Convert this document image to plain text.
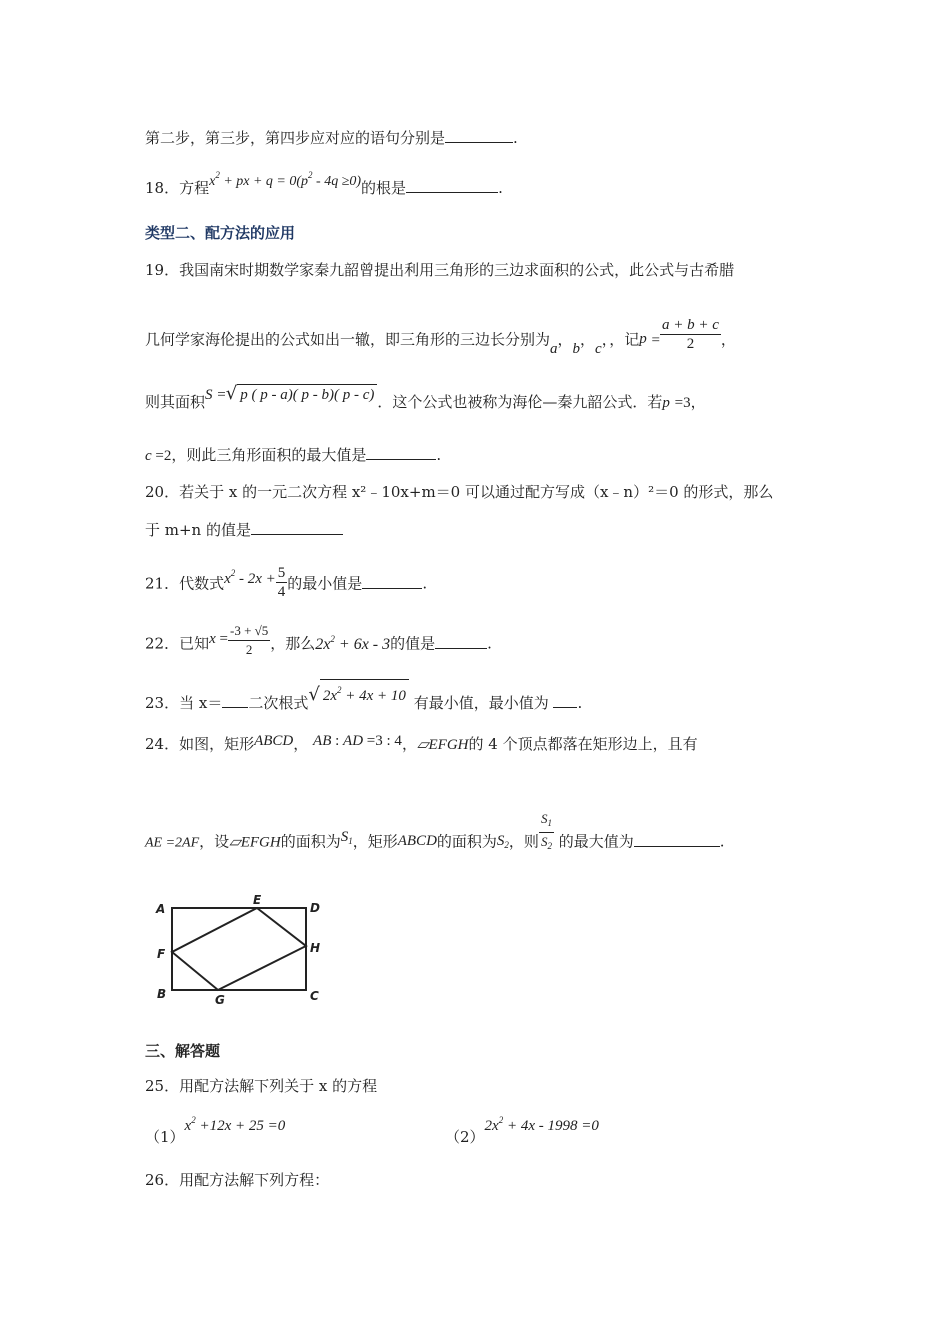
第二步，第三步，第四步应对应的语句分别是	.
18．方程$x^2$ + px + $q = 0(p^2 - 4q \ge 0)$的根是	.
类型二、配方法的应用
19．我国南宋时期数学家秦九韶曾提出利用三角形的三边求面积的公式，此公式与古希腊
几何学家海伦提出的公式如出一辙，即三角形的三边长分别为a，b，c，，记$p = \frac{a + b + c}{2}$ ，
则其面积S =√ p ( p - a)( p - b)( p - c) ．这个公式也被称为海伦—秦九韶公式．若p =3，
c =2，则此三角形面积的最大值是	.
20．若关于 x 的一元二次方程 x²﹣10x+m＝0 可以通过配方写成（x﹣n）²＝0 的形式，那么
于 m+n 的值是
21．代数式$x^2 - 2x + \frac{5}{4}$ 的最小值是	.
22．已知$x = \frac{-3 + √5}{2}$ ，那么$2x^2 + 6x - 3$的值是	.
23．当 x＝ 二次根式√ $2x^2 + 4x + 10$ 有最小值，最小值为 .
24．如图，矩形ABCD， AB : AD =3 : 4，▱EFGH的 4 个顶点都落在矩形边上，且有
AE =2AF，设▱EFGH的面积为$S_1$，矩形ABCD的面积为$S_2$，则 $\frac{S_1}{S_2}$ 的最大值为	.
A
B	C
D
E
F
G
H
三、解答题
25．用配方法解下列关于 x 的方程
$(1)x^2 +12x + 25 =0$
$(2)2x^2 + 4x - 1998 =0$
26．用配方法解下列方程：
